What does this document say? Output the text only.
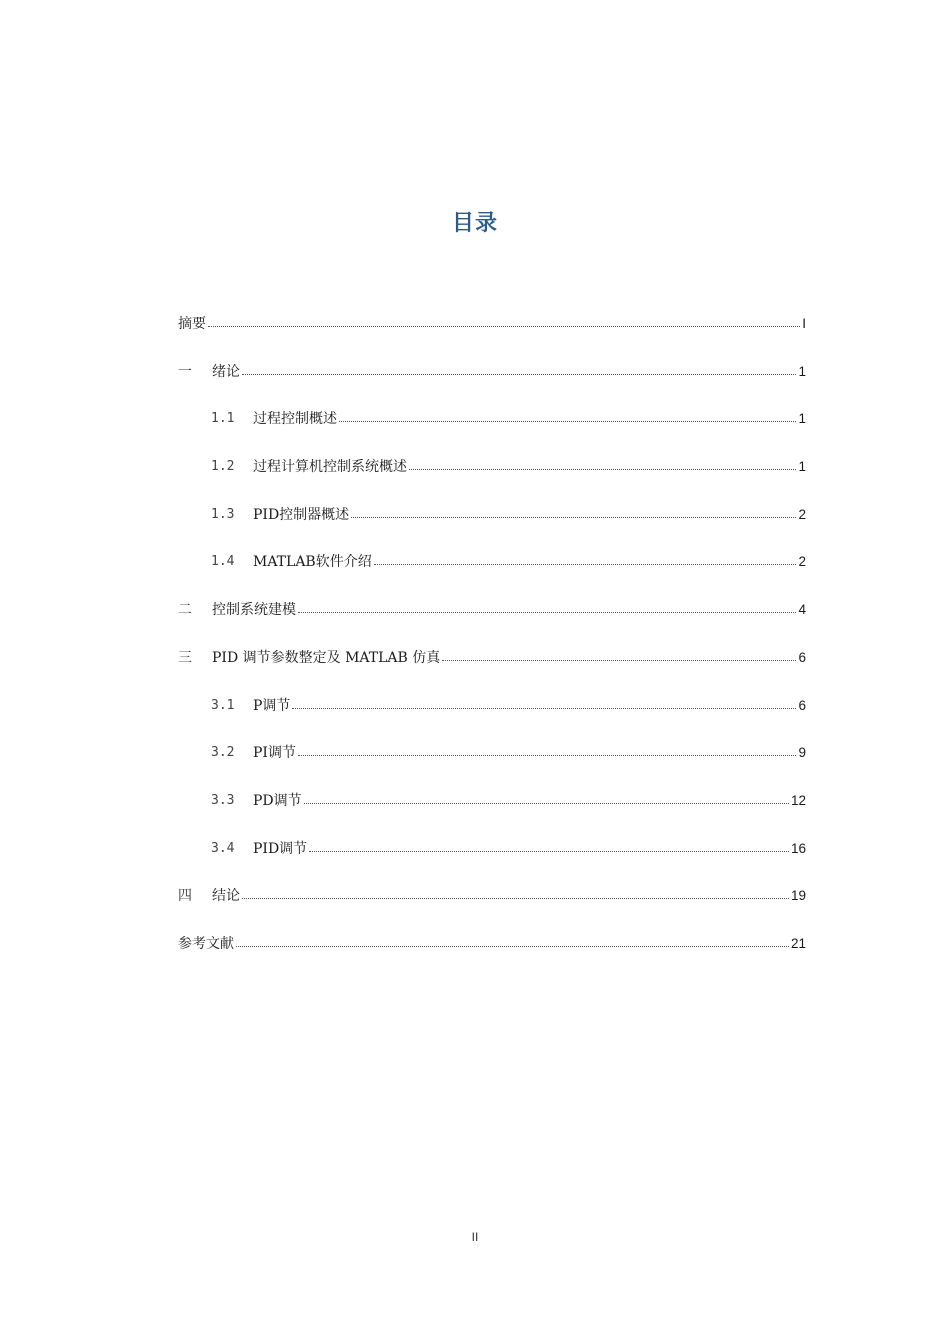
目录
摘要	I
一	绪论	1
1.1	过程控制概述	1
1.2	过程计算机控制系统概述	1
1.3	PID控制器概述	2
1.4	MATLAB软件介绍	2
二	控制系统建模	4
三	PID 调节参数整定及 MATLAB 仿真	6
3.1	P调节	6
3.2	PI调节	9
3.3	PD调节	12
3.4	PID调节	16
四	结论	19
参考文献	21
II
